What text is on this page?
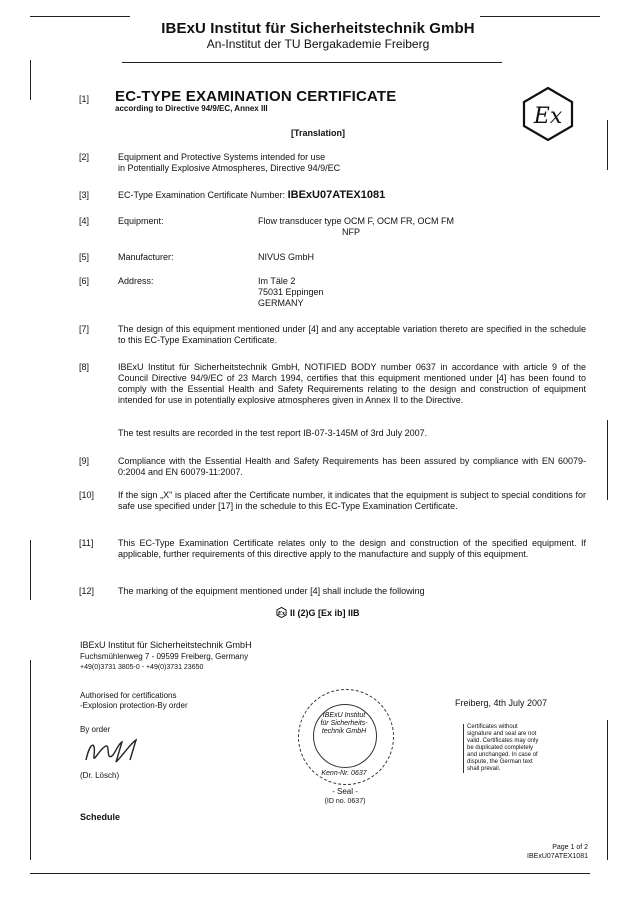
IBExU Institut für Sicherheitstechnik GmbH
An-Institut der TU Bergakademie Freiberg
[1] EC-TYPE EXAMINATION CERTIFICATE
according to Directive 94/9/EC, Annex III	Ex
[Translation]
[2]	Equipment and Protective Systems intended for use
in Potentially Explosive Atmospheres, Directive 94/9/EC
[3]	EC-Type Examination Certificate Number: IBExU07ATEX1081
[4]	Equipment:	Flow transducer type OCM F, OCM FR, OCM FM
NFP
[5]	Manufacturer:	NIVUS GmbH
[6]	Address:	Im Täle 2
75031 Eppingen
GERMANY
[7]	The design of this equipment mentioned under [4] and any acceptable variation thereto are specified in the schedule to this EC-Type Examination Certificate.
[8]	IBExU Institut für Sicherheitstechnik GmbH, NOTIFIED BODY number 0637 in accordance with article 9 of the Council Directive 94/9/EC of 23 March 1994, certifies that this equipment mentioned under [4] has been found to comply with the Essential Health and Safety Requirements relating to the design and construction of equipment intended for use in potentially explosive atmospheres given in Annex II to the Directive.
The test results are recorded in the test report IB-07-3-145M of 3rd July 2007.
[9]	Compliance with the Essential Health and Safety Requirements has been assured by compliance with EN 60079-0:2004 and EN 60079-11:2007.
[10]	If the sign „X" is placed after the Certificate number, it indicates that the equipment is subject to special conditions for safe use specified under [17] in the schedule to this EC-Type Examination Certificate.
[11]	This EC-Type Examination Certificate relates only to the design and construction of the specified equipment. If applicable, further requirements of this directive apply to the manufacture and supply of this equipment.
[12]	The marking of the equipment mentioned under [4] shall include the following
Ex II (2)G [Ex ib] IIB
IBExU Institut für Sicherheitstechnik GmbH
Fuchsmühlenweg 7 - 09599 Freiberg, Germany
+49(0)3731 3805-0 - +49(0)3731 23650
Authorised for certifications
-Explosion protection-By order
By order
(Dr. Lösch)
IBExU Institut für Sicherheits-technik GmbH
Kenn-Nr. 0637
- Seal -
(ID no. 0637)
Freiberg, 4th July 2007
Certificates without signature and seal are not valid. Certificates may only be duplicated completely and unchanged. In case of dispute, the German text shall prevail.
Schedule
Page 1 of 2
IBExU07ATEX1081
